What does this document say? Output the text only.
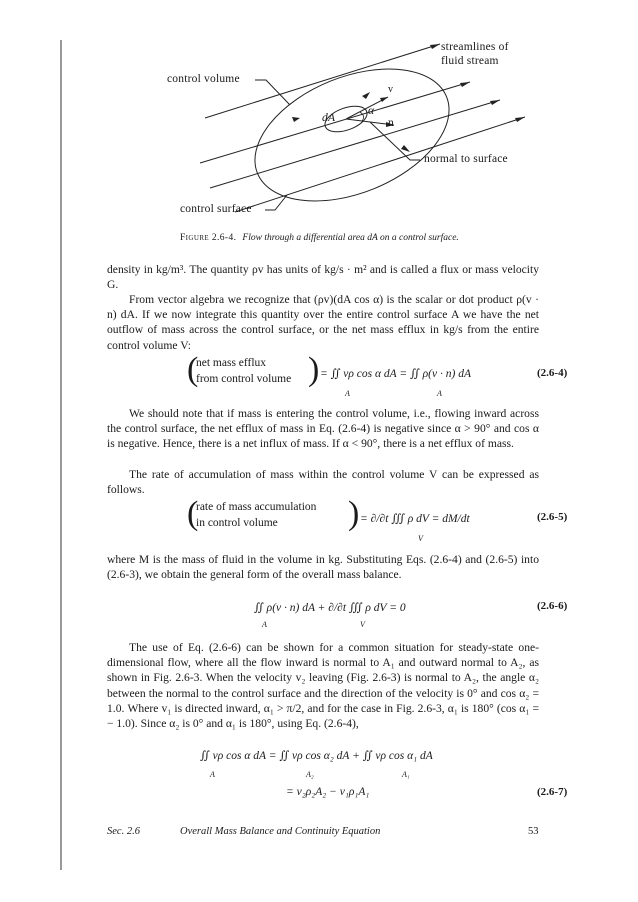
streamlines of
fluid stream
control volume
v
dA
α
n
normal to surface
control surface
Figure 2.6-4. Flow through a differential area dA on a control surface.
density in kg/m³. The quantity ρv has units of kg/s · m² and is called a flux or mass velocity G.
From vector algebra we recognize that (ρv)(dA cos α) is the scalar or dot product ρ(v · n) dA. If we now integrate this quantity over the entire control surface A we have the net outflow of mass across the control surface, or the net mass efflux in kg/s from the entire control volume V:
(
net mass efflux
from control volume ) = ∬ vρ cos α dA = ∬ ρ(v · n) dA
A	A
(2.6-4)
We should note that if mass is entering the control volume, i.e., flowing inward across the control surface, the net efflux of mass in Eq. (2.6-4) is negative since α > 90° and cos α is negative. Hence, there is a net influx of mass. If α < 90°, there is a net efflux of mass.
The rate of accumulation of mass within the control volume V can be expressed as follows.
(
rate of mass accumulation
in control volume ) = ∂/∂t ∭ ρ dV = dM/dt
V
(2.6-5)
where M is the mass of fluid in the volume in kg. Substituting Eqs. (2.6-4) and (2.6-5) into (2.6-3), we obtain the general form of the overall mass balance.
∬ ρ(v · n) dA + ∂/∂t ∭ ρ dV = 0
A	V
(2.6-6)
The use of Eq. (2.6-6) can be shown for a common situation for steady-state one-dimensional flow, where all the flow inward is normal to A₁ and outward normal to A₂, as shown in Fig. 2.6-3. When the velocity v₂ leaving (Fig. 2.6-3) is normal to A₂, the angle α₂ between the normal to the control surface and the direction of the velocity is 0° and cos α₂ = 1.0. Where v₁ is directed inward, α₁ > π/2, and for the case in Fig. 2.6-3, α₁ is 180° (cos α₁ = − 1.0). Since α₂ is 0° and α₁ is 180°, using Eq. (2.6-4),
∬ vρ cos α dA = ∬ vρ cos α₂ dA + ∬ vρ cos α₁ dA
A	A₂	A₁
= v₂ρ₂A₂ − v₁ρ₁A₁	(2.6-7)
Sec. 2.6	Overall Mass Balance and Continuity Equation	53
